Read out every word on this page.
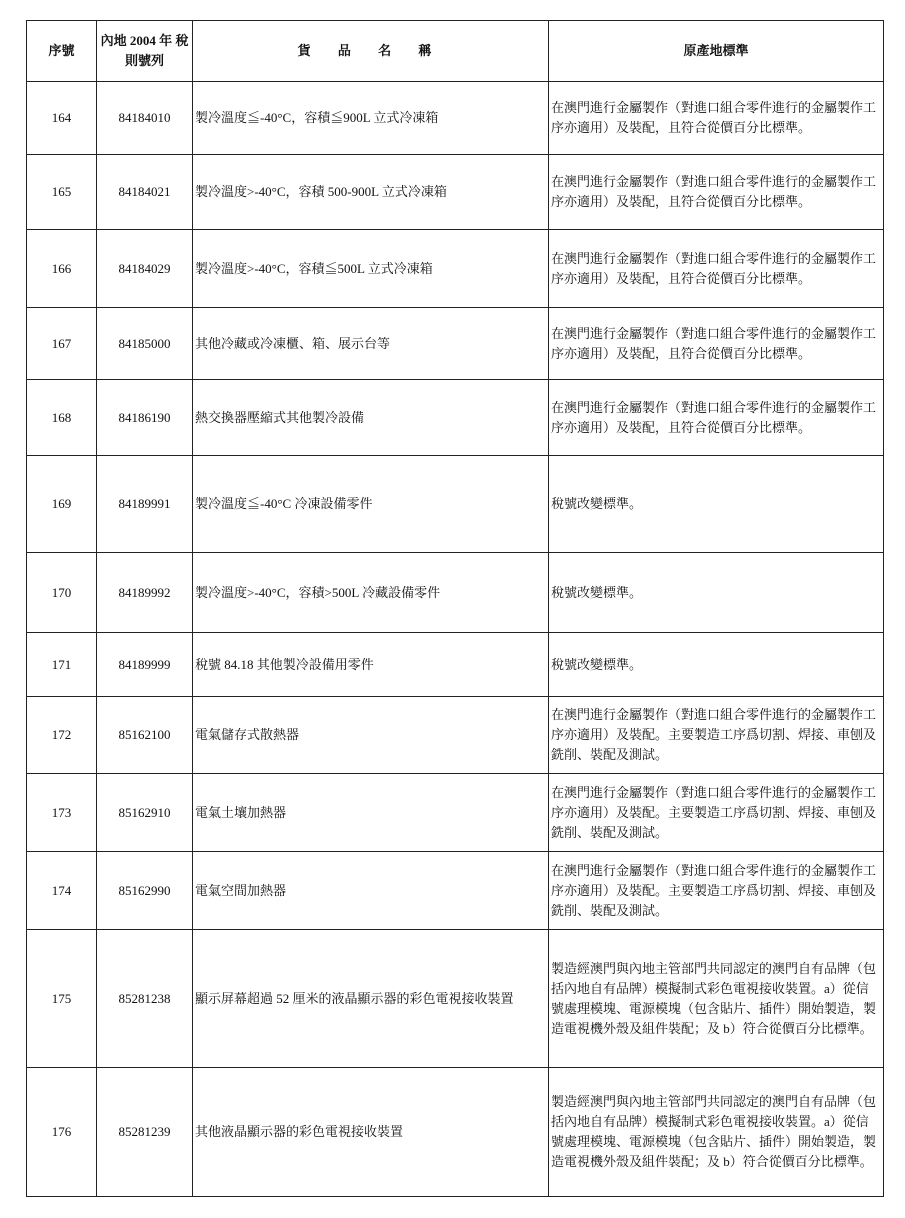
序號	內地 2004 年 稅則號列	貨 品 名 稱	原產地標準
164	84184010	製冷溫度≦-40°C，容積≦900L 立式冷凍箱	在澳門進行金屬製作（對進口組合零件進行的金屬製作工序亦適用）及裝配，且符合從價百分比標準。
165	84184021	製冷溫度>-40°C，容積 500-900L 立式冷凍箱	在澳門進行金屬製作（對進口組合零件進行的金屬製作工序亦適用）及裝配，且符合從價百分比標準。
166	84184029	製冷溫度>-40°C，容積≦500L 立式冷凍箱	在澳門進行金屬製作（對進口組合零件進行的金屬製作工序亦適用）及裝配，且符合從價百分比標準。
167	84185000	其他冷藏或冷凍櫃、箱、展示台等	在澳門進行金屬製作（對進口組合零件進行的金屬製作工序亦適用）及裝配，且符合從價百分比標準。
168	84186190	熱交換器壓縮式其他製冷設備	在澳門進行金屬製作（對進口組合零件進行的金屬製作工序亦適用）及裝配，且符合從價百分比標準。
169	84189991	製冷溫度≦-40°C 冷凍設備零件	稅號改變標準。
170	84189992	製冷溫度>-40°C，容積>500L 冷藏設備零件	稅號改變標準。
171	84189999	稅號 84.18 其他製冷設備用零件	稅號改變標準。
172	85162100	電氣儲存式散熱器	在澳門進行金屬製作（對進口組合零件進行的金屬製作工序亦適用）及裝配。主要製造工序爲切割、焊接、車刨及銑削、裝配及測試。
173	85162910	電氣土壤加熱器	在澳門進行金屬製作（對進口組合零件進行的金屬製作工序亦適用）及裝配。主要製造工序爲切割、焊接、車刨及銑削、裝配及測試。
174	85162990	電氣空間加熱器	在澳門進行金屬製作（對進口組合零件進行的金屬製作工序亦適用）及裝配。主要製造工序爲切割、焊接、車刨及銑削、裝配及測試。
175	85281238	顯示屏幕超過 52 厘米的液晶顯示器的彩色電視接收裝置	製造經澳門與內地主管部門共同認定的澳門自有品牌（包括內地自有品牌）模擬制式彩色電視接收裝置。a）從信號處理模塊、電源模塊（包含貼片、插件）開始製造，製造電視機外殼及組件裝配；及 b）符合從價百分比標準。
176	85281239	其他液晶顯示器的彩色電視接收裝置	製造經澳門與內地主管部門共同認定的澳門自有品牌（包括內地自有品牌）模擬制式彩色電視接收裝置。a）從信號處理模塊、電源模塊（包含貼片、插件）開始製造，製造電視機外殼及組件裝配；及 b）符合從價百分比標準。
